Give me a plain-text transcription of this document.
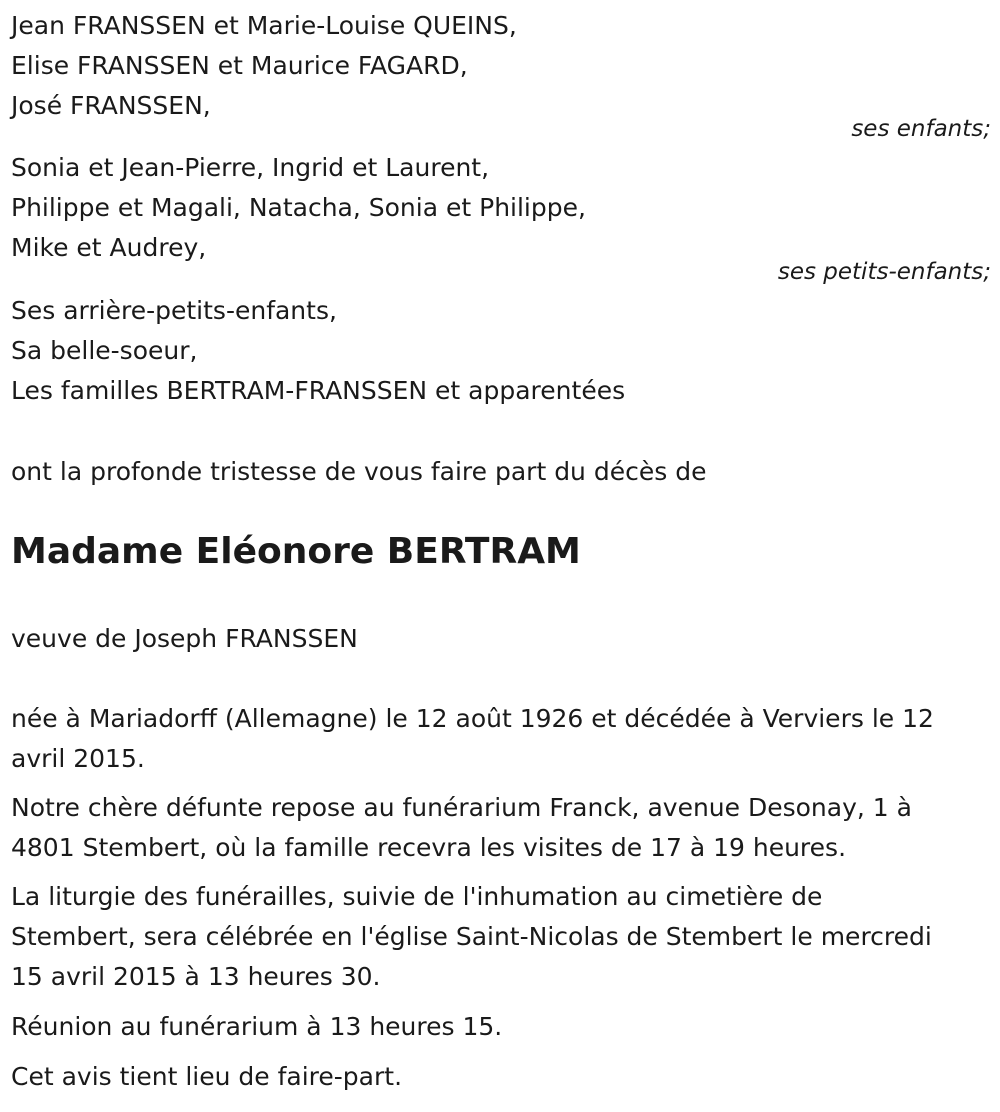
Jean FRANSSEN et Marie-Louise QUEINS,
Elise FRANSSEN et Maurice FAGARD,
José FRANSSEN,
ses enfants;
Sonia et Jean-Pierre, Ingrid et Laurent,
Philippe et Magali, Natacha, Sonia et Philippe,
Mike et Audrey,
ses petits-enfants;
Ses arrière-petits-enfants,
Sa belle-soeur,
Les familles BERTRAM-FRANSSEN et apparentées
ont la profonde tristesse de vous faire part du décès de
Madame Eléonore BERTRAM
veuve de Joseph FRANSSEN
née à Mariadorff (Allemagne) le 12 août 1926 et décédée à Verviers le 12
avril 2015.
Notre chère défunte repose au funérarium Franck, avenue Desonay, 1 à
4801 Stembert, où la famille recevra les visites de 17 à 19 heures.
La liturgie des funérailles, suivie de l'inhumation au cimetière de
Stembert, sera célébrée en l'église Saint-Nicolas de Stembert le mercredi
15 avril 2015 à 13 heures 30.
Réunion au funérarium à 13 heures 15.
Cet avis tient lieu de faire-part.
